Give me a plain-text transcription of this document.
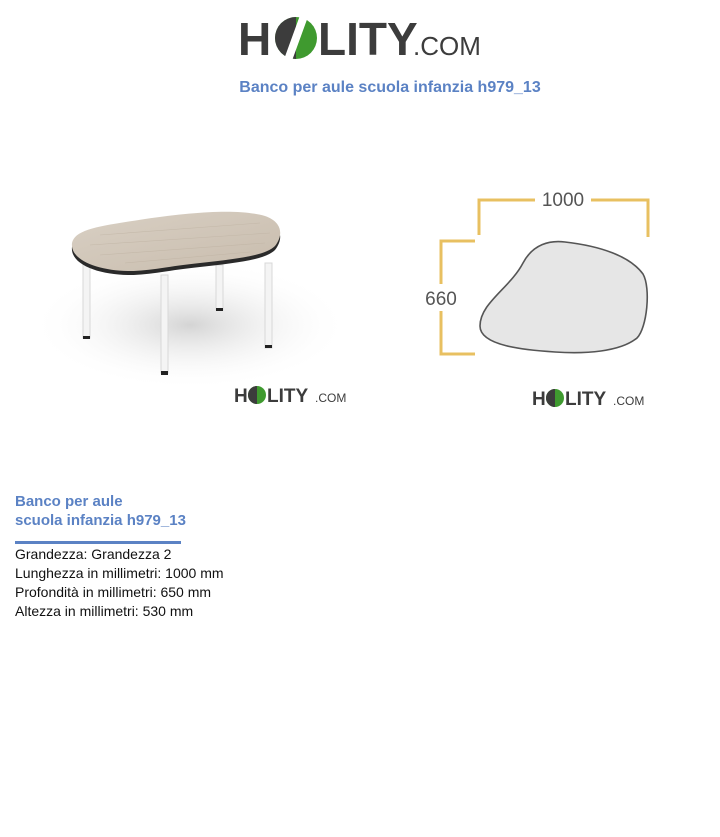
H LITY
.COM
Banco per aule scuola infanzia h979_13
H LITY .COM
HOLITY.COM
1000
660
H LITY .COM
HOLITY.COM
Banco per aule
scuola infanzia h979_13
Grandezza: Grandezza 2
Lunghezza in millimetri: 1000 mm
Profondità in millimetri: 650 mm
Altezza in millimetri: 530 mm
